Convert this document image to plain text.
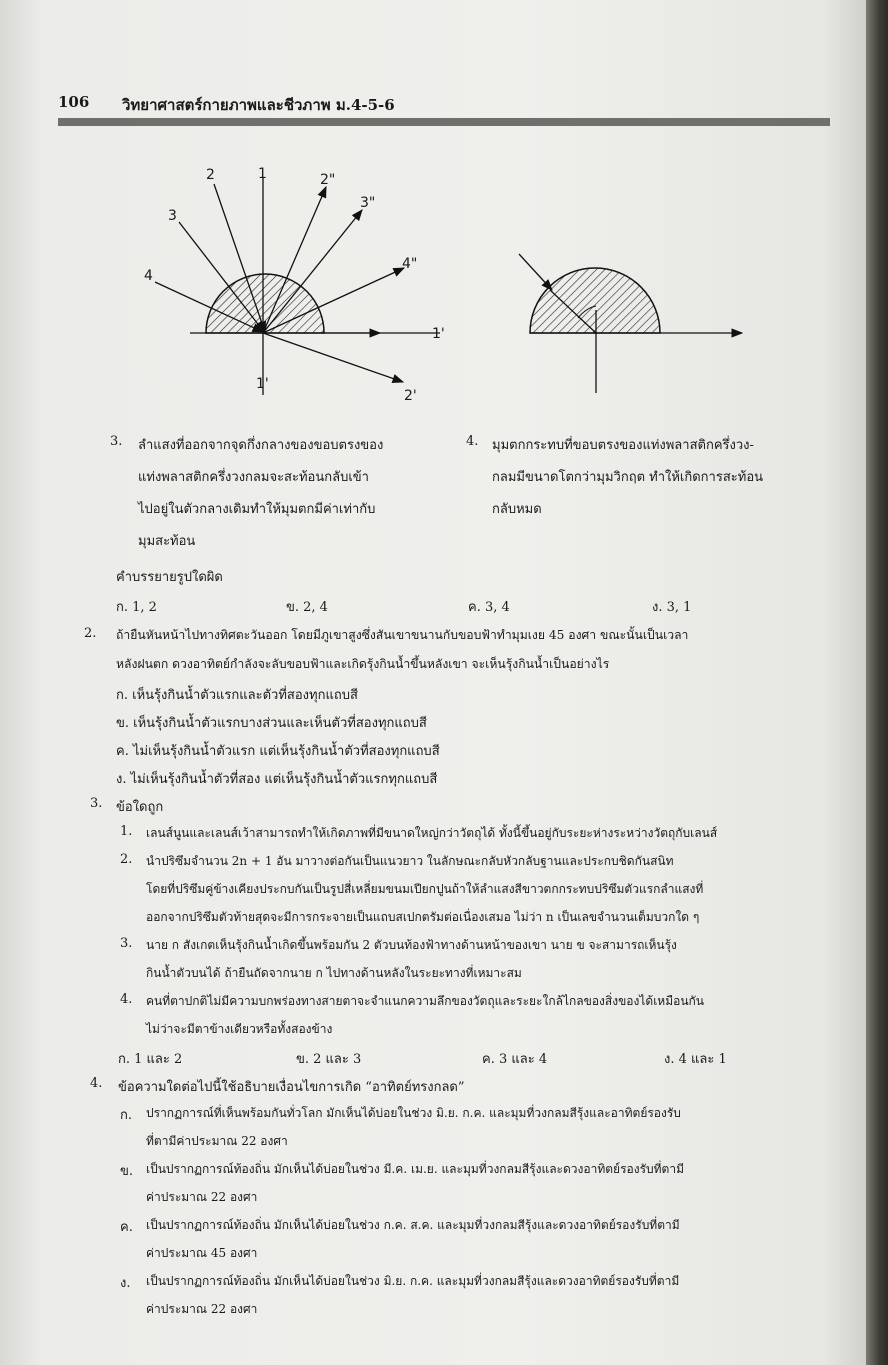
106 วิทยาศาสตร์กายภาพและชีวภาพ ม.4-5-6
2	1	2"
3
3"
4
4"
1'
1'
2'
3. ลำแสงที่ออกจากจุดกึ่งกลางของขอบตรงของ
แท่งพลาสติกครึ่งวงกลมจะสะท้อนกลับเข้า
ไปอยู่ในตัวกลางเดิมทำให้มุมตกมีค่าเท่ากับ
มุมสะท้อน
4. มุมตกกระทบที่ขอบตรงของแท่งพลาสติกครึ่งวง-
กลมมีขนาดโตกว่ามุมวิกฤต ทำให้เกิดการสะท้อน
กลับหมด
คำบรรยายรูปใดผิด
ก. 1, 2	ข. 2, 4	ค. 3, 4	ง. 3, 1
2. ถ้ายืนหันหน้าไปทางทิศตะวันออก โดยมีภูเขาสูงซึ่งสันเขาขนานกับขอบฟ้าทำมุมเงย 45 องศา ขณะนั้นเป็นเวลา
หลังฝนตก ดวงอาทิตย์กำลังจะลับขอบฟ้าและเกิดรุ้งกินน้ำขึ้นหลังเขา จะเห็นรุ้งกินน้ำเป็นอย่างไร
ก. เห็นรุ้งกินน้ำตัวแรกและตัวที่สองทุกแถบสี
ข. เห็นรุ้งกินน้ำตัวแรกบางส่วนและเห็นตัวที่สองทุกแถบสี
ค. ไม่เห็นรุ้งกินน้ำตัวแรก แต่เห็นรุ้งกินน้ำตัวที่สองทุกแถบสี
ง. ไม่เห็นรุ้งกินน้ำตัวที่สอง แต่เห็นรุ้งกินน้ำตัวแรกทุกแถบสี
3. ข้อใดถูก
1. เลนส์นูนและเลนส์เว้าสามารถทำให้เกิดภาพที่มีขนาดใหญ่กว่าวัตถุได้ ทั้งนี้ขึ้นอยู่กับระยะห่างระหว่างวัตถุกับเลนส์
2. นำปริซึมจำนวน 2n + 1 อัน มาวางต่อกันเป็นแนวยาว ในลักษณะกลับหัวกลับฐานและประกบชิดกันสนิท
โดยที่ปริซึมคู่ข้างเคียงประกบกันเป็นรูปสี่เหลี่ยมขนมเปียกปูนถ้าให้ลำแสงสีขาวตกกระทบปริซึมตัวแรกลำแสงที่
ออกจากปริซึมตัวท้ายสุดจะมีการกระจายเป็นแถบสเปกตรัมต่อเนื่องเสมอ ไม่ว่า n เป็นเลขจำนวนเต็มบวกใด ๆ
3. นาย ก สังเกตเห็นรุ้งกินน้ำเกิดขึ้นพร้อมกัน 2 ตัวบนท้องฟ้าทางด้านหน้าของเขา นาย ข จะสามารถเห็นรุ้ง
กินน้ำตัวบนได้ ถ้ายืนถัดจากนาย ก ไปทางด้านหลังในระยะทางที่เหมาะสม
4. คนที่ตาปกติไม่มีความบกพร่องทางสายตาจะจำแนกความลึกของวัตถุและระยะใกล้ไกลของสิ่งของได้เหมือนกัน
ไม่ว่าจะมีตาข้างเดียวหรือทั้งสองข้าง
ก. 1 และ 2	ข. 2 และ 3	ค. 3 และ 4	ง. 4 และ 1
4. ข้อความใดต่อไปนี้ใช้อธิบายเงื่อนไขการเกิด “อาทิตย์ทรงกลด”
ก. ปรากฏการณ์ที่เห็นพร้อมกันทั่วโลก มักเห็นได้บ่อยในช่วง มิ.ย. ก.ค. และมุมที่วงกลมสีรุ้งและอาทิตย์รองรับ
ที่ตามีค่าประมาณ 22 องศา
ข. เป็นปรากฏการณ์ท้องถิ่น มักเห็นได้บ่อยในช่วง มี.ค. เม.ย. และมุมที่วงกลมสีรุ้งและดวงอาทิตย์รองรับที่ตามี
ค่าประมาณ 22 องศา
ค. เป็นปรากฏการณ์ท้องถิ่น มักเห็นได้บ่อยในช่วง ก.ค. ส.ค. และมุมที่วงกลมสีรุ้งและดวงอาทิตย์รองรับที่ตามี
ค่าประมาณ 45 องศา
ง. เป็นปรากฏการณ์ท้องถิ่น มักเห็นได้บ่อยในช่วง มิ.ย. ก.ค. และมุมที่วงกลมสีรุ้งและดวงอาทิตย์รองรับที่ตามี
ค่าประมาณ 22 องศา
